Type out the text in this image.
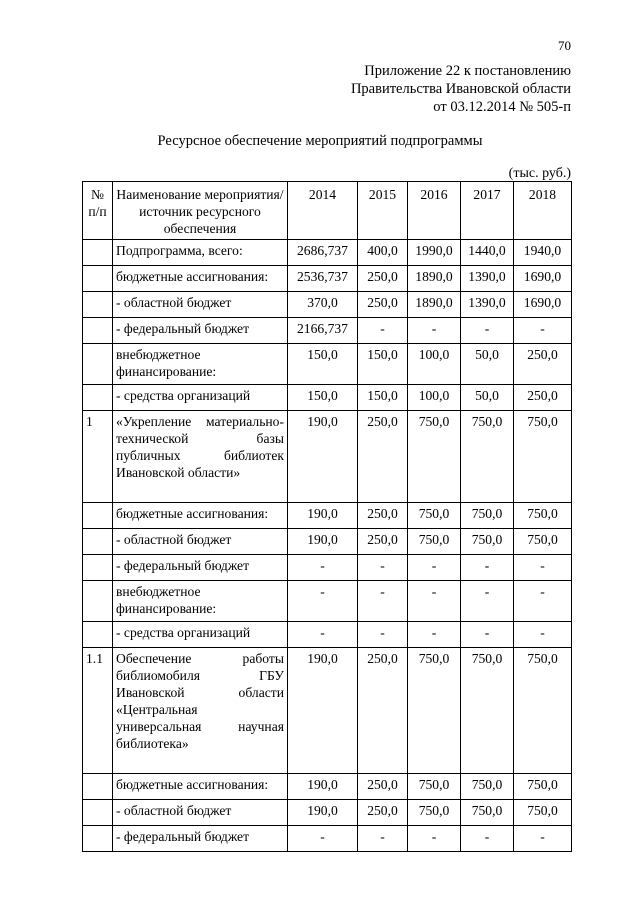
70
Приложение 22 к постановлению
Правительства Ивановской области
от 03.12.2014 № 505-п
Ресурсное обеспечение мероприятий подпрограммы
(тыс. руб.)
№ п/п	Наименование мероприятия/источник ресурсного обеспечения	2014	2015	2016	2017	2018
	Подпрограмма, всего:	2686,737	400,0	1990,0	1440,0	1940,0
	бюджетные ассигнования:	2536,737	250,0	1890,0	1390,0	1690,0
	- областной бюджет	370,0	250,0	1890,0	1390,0	1690,0
	- федеральный бюджет	2166,737	-	-	-	-
	внебюджетное финансирование:	150,0	150,0	100,0	50,0	250,0
	- средства организаций	150,0	150,0	100,0	50,0	250,0
1	«Укрепление материально-технической базы публичных библиотек Ивановской области»	190,0	250,0	750,0	750,0	750,0
	бюджетные ассигнования:	190,0	250,0	750,0	750,0	750,0
	- областной бюджет	190,0	250,0	750,0	750,0	750,0
	- федеральный бюджет	-	-	-	-	-
	внебюджетное финансирование:	-	-	-	-	-
	- средства организаций	-	-	-	-	-
1.1	Обеспечение работы библиомобиля ГБУ Ивановской области «Центральная универсальная научная библиотека»	190,0	250,0	750,0	750,0	750,0
	бюджетные ассигнования:	190,0	250,0	750,0	750,0	750,0
	- областной бюджет	190,0	250,0	750,0	750,0	750,0
	- федеральный бюджет	-	-	-	-	-
